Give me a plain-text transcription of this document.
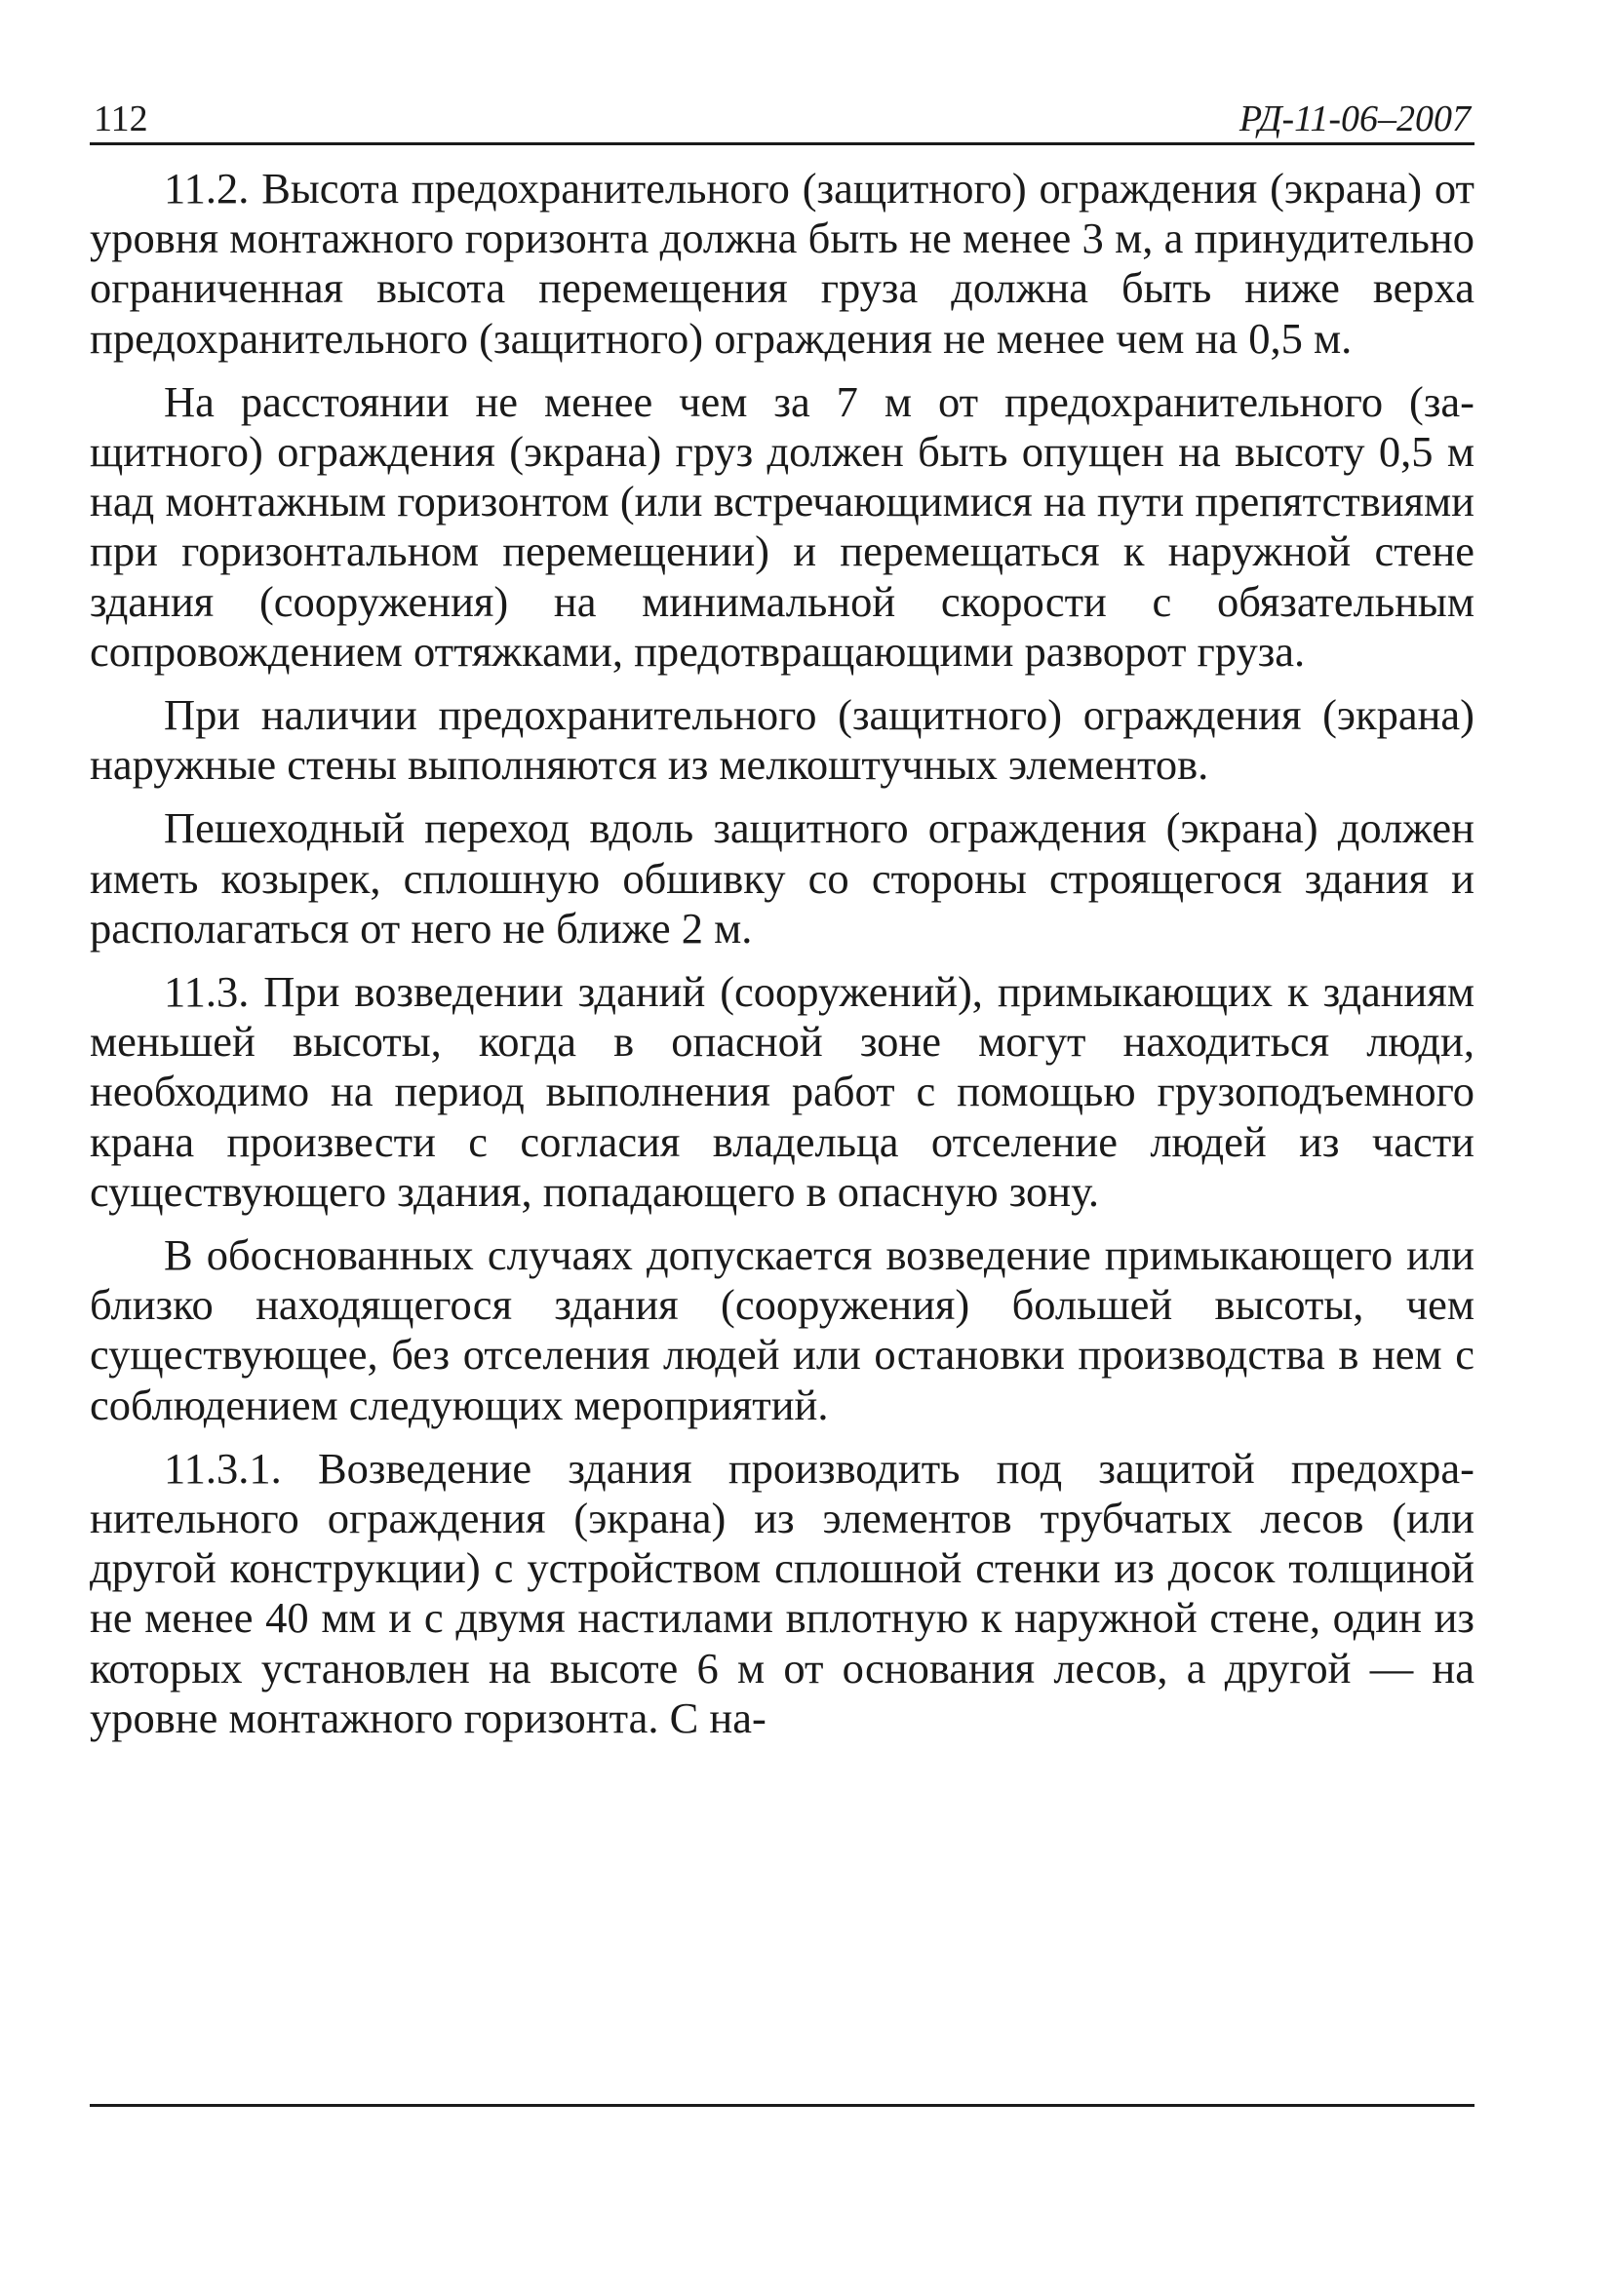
112	РД-11-06–2007

11.2. Высота предохранительного (защитного) ограждения (экрана) от уровня монтажного горизонта должна быть не менее 3 м, а принудительно ограниченная высота перемещения груза должна быть ниже верха предохранительного (защитного) ограждения не менее чем на 0,5 м.

На расстоянии не менее чем за 7 м от предохранительного (защитного) ограждения (экрана) груз должен быть опущен на высоту 0,5 м над монтажным горизонтом (или встречающимися на пути препятствиями при горизонтальном перемещении) и перемещаться к наружной стене здания (сооружения) на минимальной скорости с обязательным сопровождением оттяжками, предотвращающими разворот груза.

При наличии предохранительного (защитного) ограждения (экрана) наружные стены выполняются из мелкоштучных элементов.

Пешеходный переход вдоль защитного ограждения (экрана) должен иметь козырек, сплошную обшивку со стороны строящегося здания и располагаться от него не ближе 2 м.

11.3. При возведении зданий (сооружений), примыкающих к зданиям меньшей высоты, когда в опасной зоне могут находиться люди, необходимо на период выполнения работ с помощью грузоподъемного крана произвести с согласия владельца отселение людей из части существующего здания, попадающего в опасную зону.

В обоснованных случаях допускается возведение примыкающего или близко находящегося здания (сооружения) большей высоты, чем существующее, без отселения людей или остановки производства в нем с соблюдением следующих мероприятий.

11.3.1. Возведение здания производить под защитой предохранительного ограждения (экрана) из элементов трубчатых лесов (или другой конструкции) с устройством сплошной стенки из досок толщиной не менее 40 мм и с двумя настилами вплотную к наружной стене, один из которых установлен на высоте 6 м от основания лесов, а другой — на уровне монтажного горизонта. С на-
